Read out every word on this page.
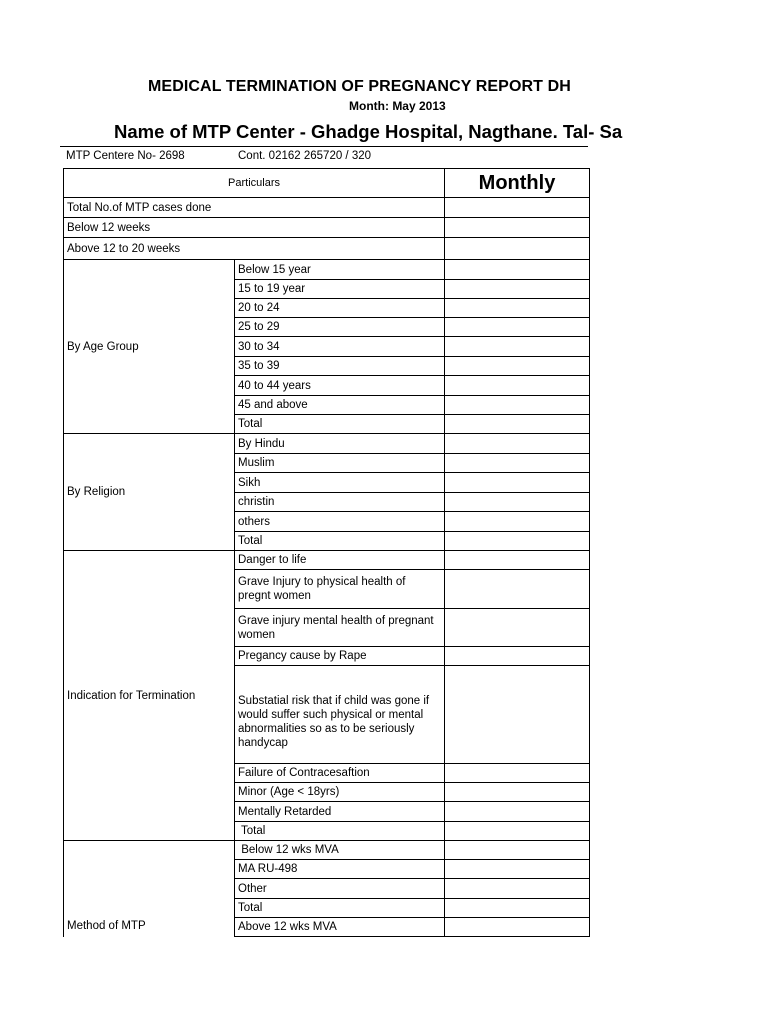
MEDICAL TERMINATION OF PREGNANCY REPORT DH
Month: May 2013
Name of MTP Center - Ghadge Hospital, Nagthane. Tal- Sa
MTP Centere No- 2698	Cont. 02162 265720 / 320
Particulars		Monthly
Total No.of MTP cases done		
Below 12 weeks		
Above 12 to 20 weeks		
By Age Group	Below 15 year	
	15 to 19 year	
	20 to 24	
	25 to 29	
	30 to 34	
	35 to 39	
	40 to 44 years	
	45 and above	
	Total	
By Religion	By Hindu	
	Muslim	
	Sikh	
	christin	
	others	
	Total	
Indication for Termination	Danger to life	
	Grave Injury to physical health of pregnt women	
	Grave injury mental health of pregnant women	
	Pregancy cause by Rape	
	Substatial risk that if child was gone if would suffer such physical or mental abnormalities so as to be seriously handycap	
	Failure of Contracesaftion	
	Minor (Age < 18yrs)	
	Mentally Retarded	
	Total	
Method of MTP	Below 12 wks MVA	
	MA RU-498	
	Other	
	Total	
	Above 12 wks MVA	
